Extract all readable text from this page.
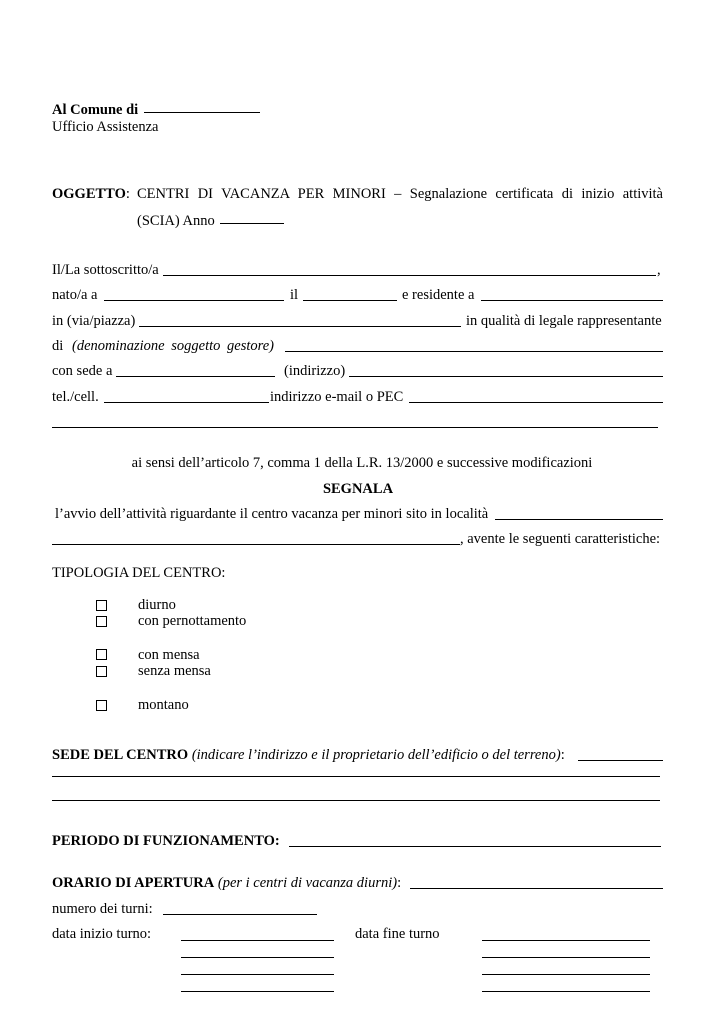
Al Comune di
Ufficio Assistenza
OGGETTO: CENTRI DI VACANZA PER MINORI – Segnalazione certificata di inizio attività
(SCIA) Anno
Il/La sottoscritto/a	,
nato/a a	il	e residente a
in (via/piazza)	in qualità di legale rappresentante
di (denominazione soggetto gestore)
con sede a	(indirizzo)
tel./cell.	indirizzo e-mail o PEC
ai sensi dell’articolo 7, comma 1 della L.R. 13/2000 e successive modificazioni
SEGNALA
l’avvio dell’attività riguardante il centro vacanza per minori sito in località
, avente le seguenti caratteristiche:
TIPOLOGIA DEL CENTRO:
diurno
con pernottamento
con mensa
senza mensa
montano
SEDE DEL CENTRO (indicare l’indirizzo e il proprietario dell’edificio o del terreno):
PERIODO DI FUNZIONAMENTO:
ORARIO DI APERTURA (per i centri di vacanza diurni):
numero dei turni:
data inizio turno:	data fine turno
